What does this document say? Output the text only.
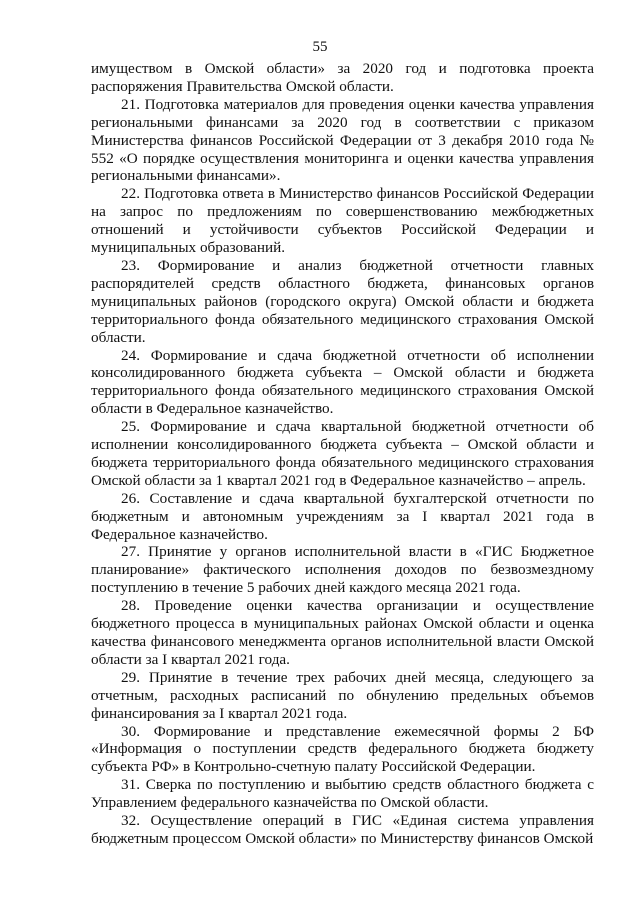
55

имуществом в Омской области» за 2020 год и подготовка проекта распоряжения Правительства Омской области.

21. Подготовка материалов для проведения оценки качества управления региональными финансами за 2020 год в соответствии с приказом Министерства финансов Российской Федерации от 3 декабря 2010 года № 552 «О порядке осуществления мониторинга и оценки качества управления региональными финансами».

22. Подготовка ответа в Министерство финансов Российской Федерации на запрос по предложениям по совершенствованию межбюджетных отношений и устойчивости субъектов Российской Федерации и муниципальных образований.

23. Формирование и анализ бюджетной отчетности главных распорядителей средств областного бюджета, финансовых органов муниципальных районов (городского округа) Омской области и бюджета территориального фонда обязательного медицинского страхования Омской области.

24. Формирование и сдача бюджетной отчетности об исполнении консолидированного бюджета субъекта – Омской области и бюджета территориального фонда обязательного медицинского страхования Омской области в Федеральное казначейство.

25. Формирование и сдача квартальной бюджетной отчетности об исполнении консолидированного бюджета субъекта – Омской области и бюджета территориального фонда обязательного медицинского страхования Омской области за 1 квартал 2021 год в Федеральное казначейство – апрель.

26. Составление и сдача квартальной бухгалтерской отчетности по бюджетным и автономным учреждениям за I квартал 2021 года в Федеральное казначейство.

27. Принятие у органов исполнительной власти в «ГИС Бюджетное планирование» фактического исполнения доходов по безвозмездному поступлению в течение 5 рабочих дней каждого месяца 2021 года.

28. Проведение оценки качества организации и осуществление бюджетного процесса в муниципальных районах Омской области и оценка качества финансового менеджмента органов исполнительной власти Омской области за I квартал 2021 года.

29. Принятие в течение трех рабочих дней месяца, следующего за отчетным, расходных расписаний по обнулению предельных объемов финансирования за I квартал 2021 года.

30. Формирование и представление ежемесячной формы 2 БФ «Информация о поступлении средств федерального бюджета бюджету субъекта РФ» в Контрольно-счетную палату Российской Федерации.

31. Сверка по поступлению и выбытию средств областного бюджета с Управлением федерального казначейства по Омской области.

32. Осуществление операций в ГИС «Единая система управления бюджетным процессом Омской области» по Министерству финансов Омской
